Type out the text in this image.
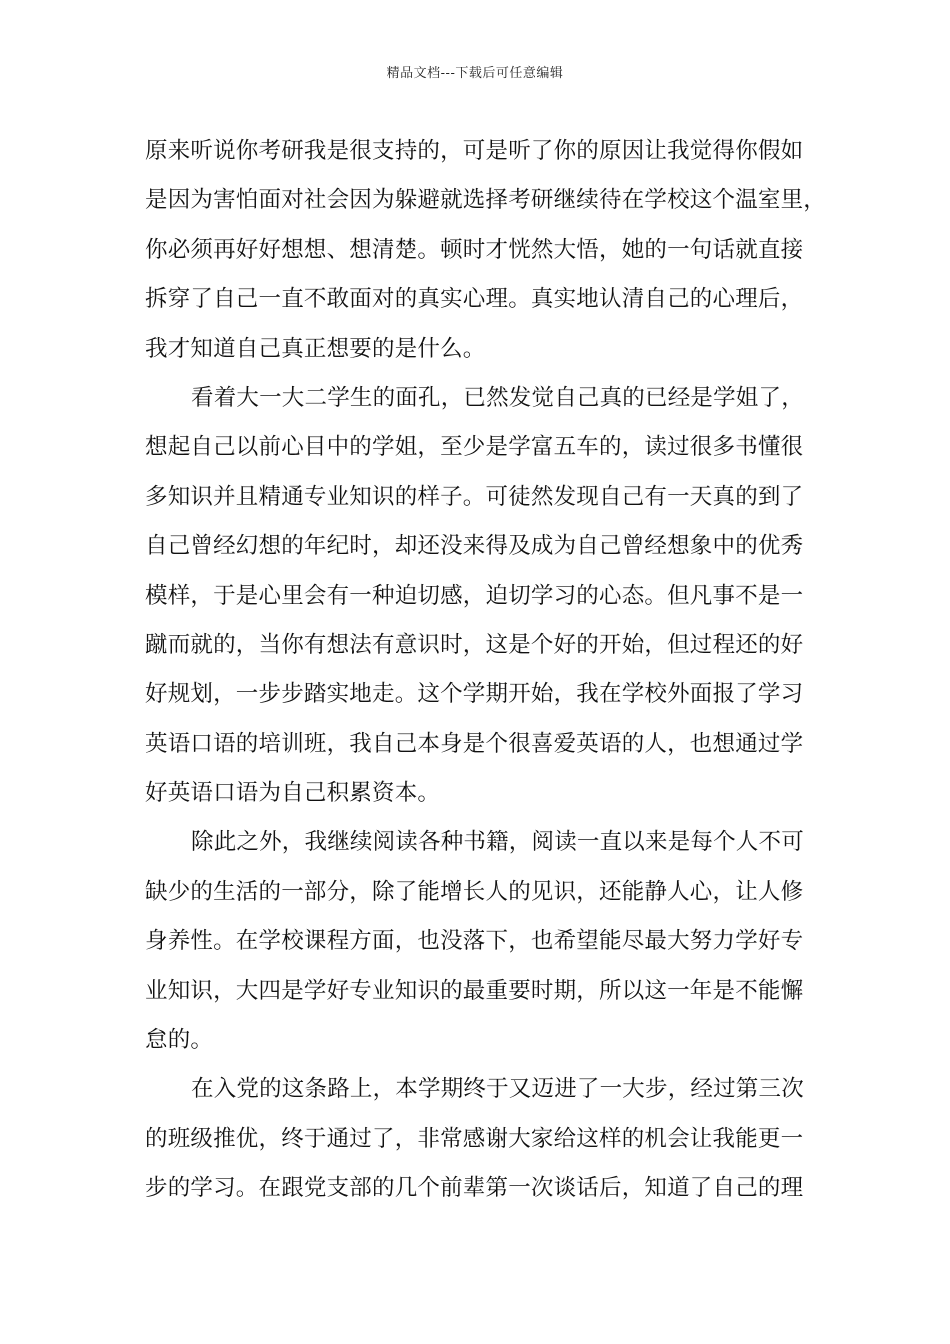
精品文档---下载后可任意编辑
原来听说你考研我是很支持的，可是听了你的原因让我觉得你假如
是因为害怕面对社会因为躲避就选择考研继续待在学校这个温室里，
你必须再好好想想、想清楚。顿时才恍然大悟，她的一句话就直接
拆穿了自己一直不敢面对的真实心理。真实地认清自己的心理后，
我才知道自己真正想要的是什么。
看着大一大二学生的面孔，已然发觉自己真的已经是学姐了，
想起自己以前心目中的学姐，至少是学富五车的，读过很多书懂很
多知识并且精通专业知识的样子。可徒然发现自己有一天真的到了
自己曾经幻想的年纪时，却还没来得及成为自己曾经想象中的优秀
模样，于是心里会有一种迫切感，迫切学习的心态。但凡事不是一
蹴而就的，当你有想法有意识时，这是个好的开始，但过程还的好
好规划，一步步踏实地走。这个学期开始，我在学校外面报了学习
英语口语的培训班，我自己本身是个很喜爱英语的人，也想通过学
好英语口语为自己积累资本。
除此之外，我继续阅读各种书籍，阅读一直以来是每个人不可
缺少的生活的一部分，除了能增长人的见识，还能静人心，让人修
身养性。在学校课程方面，也没落下，也希望能尽最大努力学好专
业知识，大四是学好专业知识的最重要时期，所以这一年是不能懈
怠的。
在入党的这条路上，本学期终于又迈进了一大步，经过第三次
的班级推优，终于通过了，非常感谢大家给这样的机会让我能更一
步的学习。在跟党支部的几个前辈第一次谈话后，知道了自己的理
